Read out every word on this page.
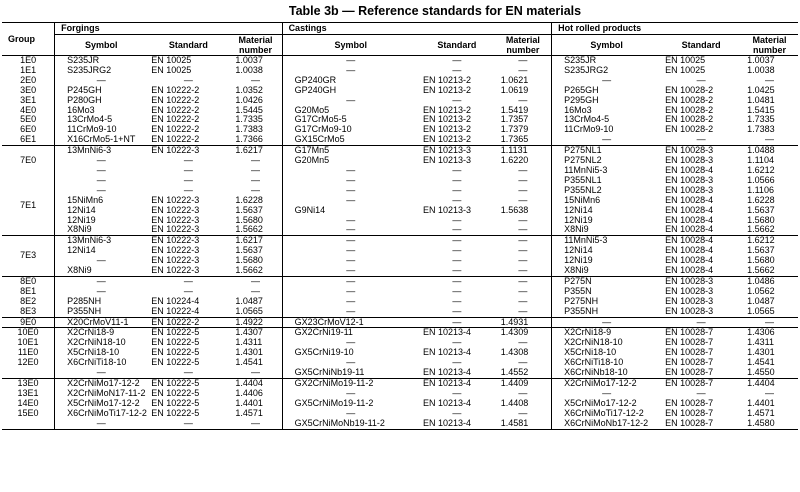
Table 3b — Reference standards for EN materials
Group	Forgings			Castings			Hot rolled products		
	Symbol	Standard	Material number	Symbol	Standard	Material number	Symbol	Standard	Material number
1E0	S235JR	EN 10025	1.0037	—	—	—	S235JR	EN 10025	1.0037
1E1	S235JRG2	EN 10025	1.0038	—	—	—	S235JRG2	EN 10025	1.0038
2E0	—	—	—	GP240GR	EN 10213-2	1.0621	—	—	—
3E0	P245GH	EN 10222-2	1.0352	GP240GH	EN 10213-2	1.0619	P265GH	EN 10028-2	1.0425
3E1	P280GH	EN 10222-2	1.0426	—	—	—	P295GH	EN 10028-2	1.0481
4E0	16Mo3	EN 10222-2	1.5445	G20Mo5	EN 10213-2	1.5419	16Mo3	EN 10028-2	1.5415
5E0	13CrMo4-5	EN 10222-2	1.7335	G17CrMo5-5	EN 10213-2	1.7357	13CrMo4-5	EN 10028-2	1.7335
6E0	11CrMo9-10	EN 10222-2	1.7383	G17CrMo9-10	EN 10213-2	1.7379	11CrMo9-10	EN 10028-2	1.7383
6E1	X16CrMo5-1+NT	EN 10222-2	1.7366	GX15CrMo5	EN 10213-2	1.7365	—	—	—
7E0	13MnNi6-3	EN 10222-3	1.6217	G17Mn5	EN 10213-3	1.1131	P275NL1	EN 10028-3	1.0488
	—	—	—	G20Mn5	EN 10213-3	1.6220	P275NL2	EN 10028-3	1.1104
	—	—	—	—	—	—	11MnNi5-3	EN 10028-4	1.6212
7E1	—	—	—	—	—	—	P355NL1	EN 10028-3	1.0566
	—	—	—	—	—	—	P355NL2	EN 10028-3	1.1106
	15NiMn6	EN 10222-3	1.6228	—	—	—	15NiMn6	EN 10028-4	1.6228
	12Ni14	EN 10222-3	1.5637	G9Ni14	EN 10213-3	1.5638	12Ni14	EN 10028-4	1.5637
	12Ni19	EN 10222-3	1.5680	—	—	—	12Ni19	EN 10028-4	1.5680
	X8Ni9	EN 10222-3	1.5662	—	—	—	X8Ni9	EN 10028-4	1.5662
7E3	13MnNi6-3	EN 10222-3	1.6217	—	—	—	11MnNi5-3	EN 10028-4	1.6212
	12Ni14	EN 10222-3	1.5637	—	—	—	12Ni14	EN 10028-4	1.5637
	—	EN 10222-3	1.5680	—	—	—	12Ni19	EN 10028-4	1.5680
	X8Ni9	EN 10222-3	1.5662	—	—	—	X8Ni9	EN 10028-4	1.5662
8E0	—	—	—	—	—	—	P275N	EN 10028-3	1.0486
8E1	—	—	—	—	—	—	P355N	EN 10028-3	1.0562
8E2	P285NH	EN 10224-4	1.0487	—	—	—	P275NH	EN 10028-3	1.0487
8E3	P355NH	EN 10222-4	1.0565	—	—	—	P355NH	EN 10028-3	1.0565
9E0	X20CrMoV11-1	EN 10222-2	1.4922	GX23CrMoV12-1	—	1.4931	—	—	—
10E0	X2CrNi18-9	EN 10222-5	1.4307	GX2CrNi19-11	EN 10213-4	1.4309	X2CrNi18-9	EN 10028-7	1.4306
10E1	X2CrNiN18-10	EN 10222-5	1.4311	—	—	—	X2CrNiN18-10	EN 10028-7	1.4311
11E0	X5CrNi18-10	EN 10222-5	1.4301	GX5CrNi19-10	EN 10213-4	1.4308	X5CrNi18-10	EN 10028-7	1.4301
12E0	X6CrNiTi18-10	EN 10222-5	1.4541	—	—	—	X6CrNiTi18-10	EN 10028-7	1.4541
	—	—	—	GX5CrNiNb19-11	EN 10213-4	1.4552	X6CrNiNb18-10	EN 10028-7	1.4550
13E0	X2CrNiMo17-12-2	EN 10222-5	1.4404	GX2CrNiMo19-11-2	EN 10213-4	1.4409	X2CrNiMo17-12-2	EN 10028-7	1.4404
13E1	X2CrNiMoN17-11-2	EN 10222-5	1.4406	—	—	—	—	—	—
14E0	X5CrNiMo17-12-2	EN 10222-5	1.4401	GX5CrNiMo19-11-2	EN 10213-4	1.4408	X5CrNiMo17-12-2	EN 10028-7	1.4401
15E0	X6CrNiMoTi17-12-2	EN 10222-5	1.4571	—	—	—	X6CrNiMoTi17-12-2	EN 10028-7	1.4571
	—	—	—	GX5CrNiMoNb19-11-2	EN 10213-4	1.4581	X6CrNiMoNb17-12-2	EN 10028-7	1.4580
